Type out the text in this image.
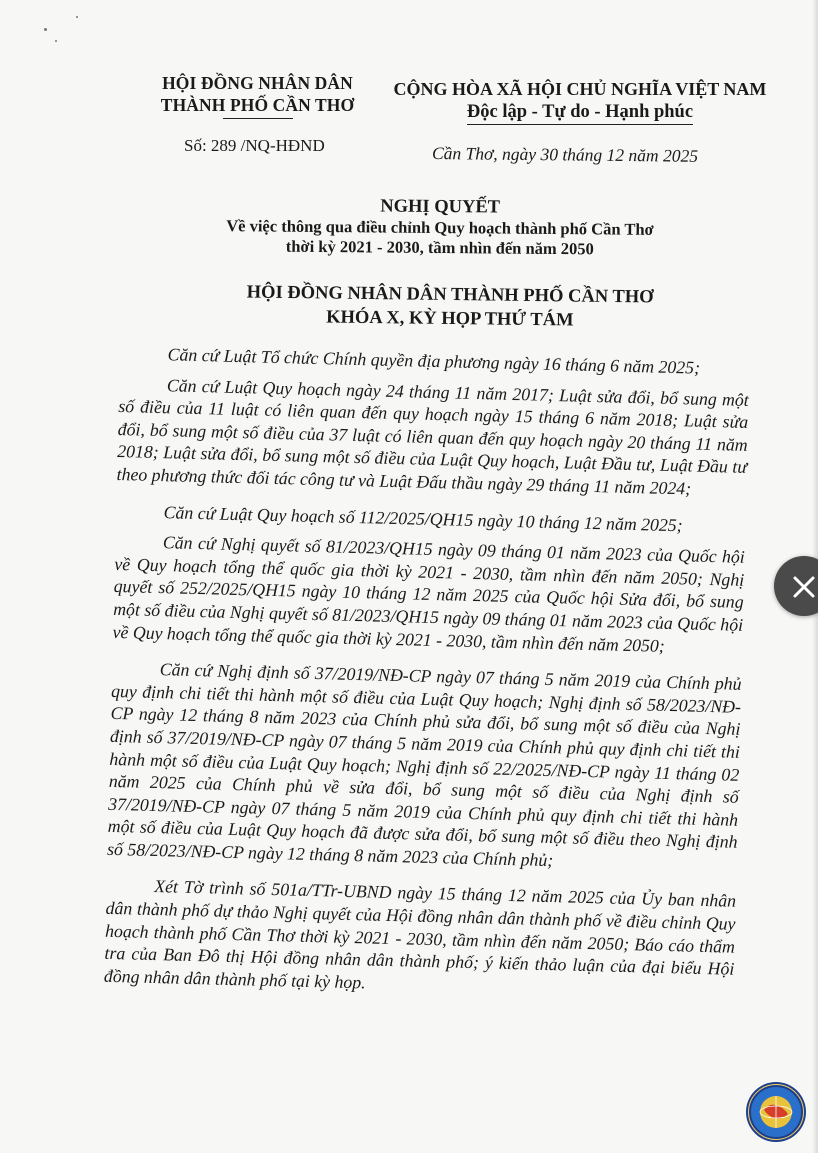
HỘI ĐỒNG NHÂN DÂN
THÀNH PHỐ CẦN THƠ
Số: 289 /NQ-HĐND
CỘNG HÒA XÃ HỘI CHỦ NGHĨA VIỆT NAM
Độc lập - Tự do - Hạnh phúc
Cần Thơ, ngày 30 tháng 12 năm 2025
NGHỊ QUYẾT
Về việc thông qua điều chỉnh Quy hoạch thành phố Cần Thơ
thời kỳ 2021 - 2030, tầm nhìn đến năm 2050
HỘI ĐỒNG NHÂN DÂN THÀNH PHỐ CẦN THƠ
KHÓA X, KỲ HỌP THỨ TÁM

Căn cứ Luật Tổ chức Chính quyền địa phương ngày 16 tháng 6 năm 2025;

Căn cứ Luật Quy hoạch ngày 24 tháng 11 năm 2017; Luật sửa đổi, bổ sung một số điều của 11 luật có liên quan đến quy hoạch ngày 15 tháng 6 năm 2018; Luật sửa đổi, bổ sung một số điều của 37 luật có liên quan đến quy hoạch ngày 20 tháng 11 năm 2018; Luật sửa đổi, bổ sung một số điều của Luật Quy hoạch, Luật Đầu tư, Luật Đầu tư theo phương thức đối tác công tư và Luật Đấu thầu ngày 29 tháng 11 năm 2024;

Căn cứ Luật Quy hoạch số 112/2025/QH15 ngày 10 tháng 12 năm 2025;

Căn cứ Nghị quyết số 81/2023/QH15 ngày 09 tháng 01 năm 2023 của Quốc hội về Quy hoạch tổng thể quốc gia thời kỳ 2021 - 2030, tầm nhìn đến năm 2050; Nghị quyết số 252/2025/QH15 ngày 10 tháng 12 năm 2025 của Quốc hội Sửa đổi, bổ sung một số điều của Nghị quyết số 81/2023/QH15 ngày 09 tháng 01 năm 2023 của Quốc hội về Quy hoạch tổng thể quốc gia thời kỳ 2021 - 2030, tầm nhìn đến năm 2050;

Căn cứ Nghị định số 37/2019/NĐ-CP ngày 07 tháng 5 năm 2019 của Chính phủ quy định chi tiết thi hành một số điều của Luật Quy hoạch; Nghị định số 58/2023/NĐ-CP ngày 12 tháng 8 năm 2023 của Chính phủ sửa đổi, bổ sung một số điều của Nghị định số 37/2019/NĐ-CP ngày 07 tháng 5 năm 2019 của Chính phủ quy định chi tiết thi hành một số điều của Luật Quy hoạch; Nghị định số 22/2025/NĐ-CP ngày 11 tháng 02 năm 2025 của Chính phủ về sửa đổi, bổ sung một số điều của Nghị định số 37/2019/NĐ-CP ngày 07 tháng 5 năm 2019 của Chính phủ quy định chi tiết thi hành một số điều của Luật Quy hoạch đã được sửa đổi, bổ sung một số điều theo Nghị định số 58/2023/NĐ-CP ngày 12 tháng 8 năm 2023 của Chính phủ;

Xét Tờ trình số 501a/TTr-UBND ngày 15 tháng 12 năm 2025 của Ủy ban nhân dân thành phố dự thảo Nghị quyết của Hội đồng nhân dân thành phố về điều chỉnh Quy hoạch thành phố Cần Thơ thời kỳ 2021 - 2030, tầm nhìn đến năm 2050; Báo cáo thẩm tra của Ban Đô thị Hội đồng nhân dân thành phố; ý kiến thảo luận của đại biểu Hội đồng nhân dân thành phố tại kỳ họp.
